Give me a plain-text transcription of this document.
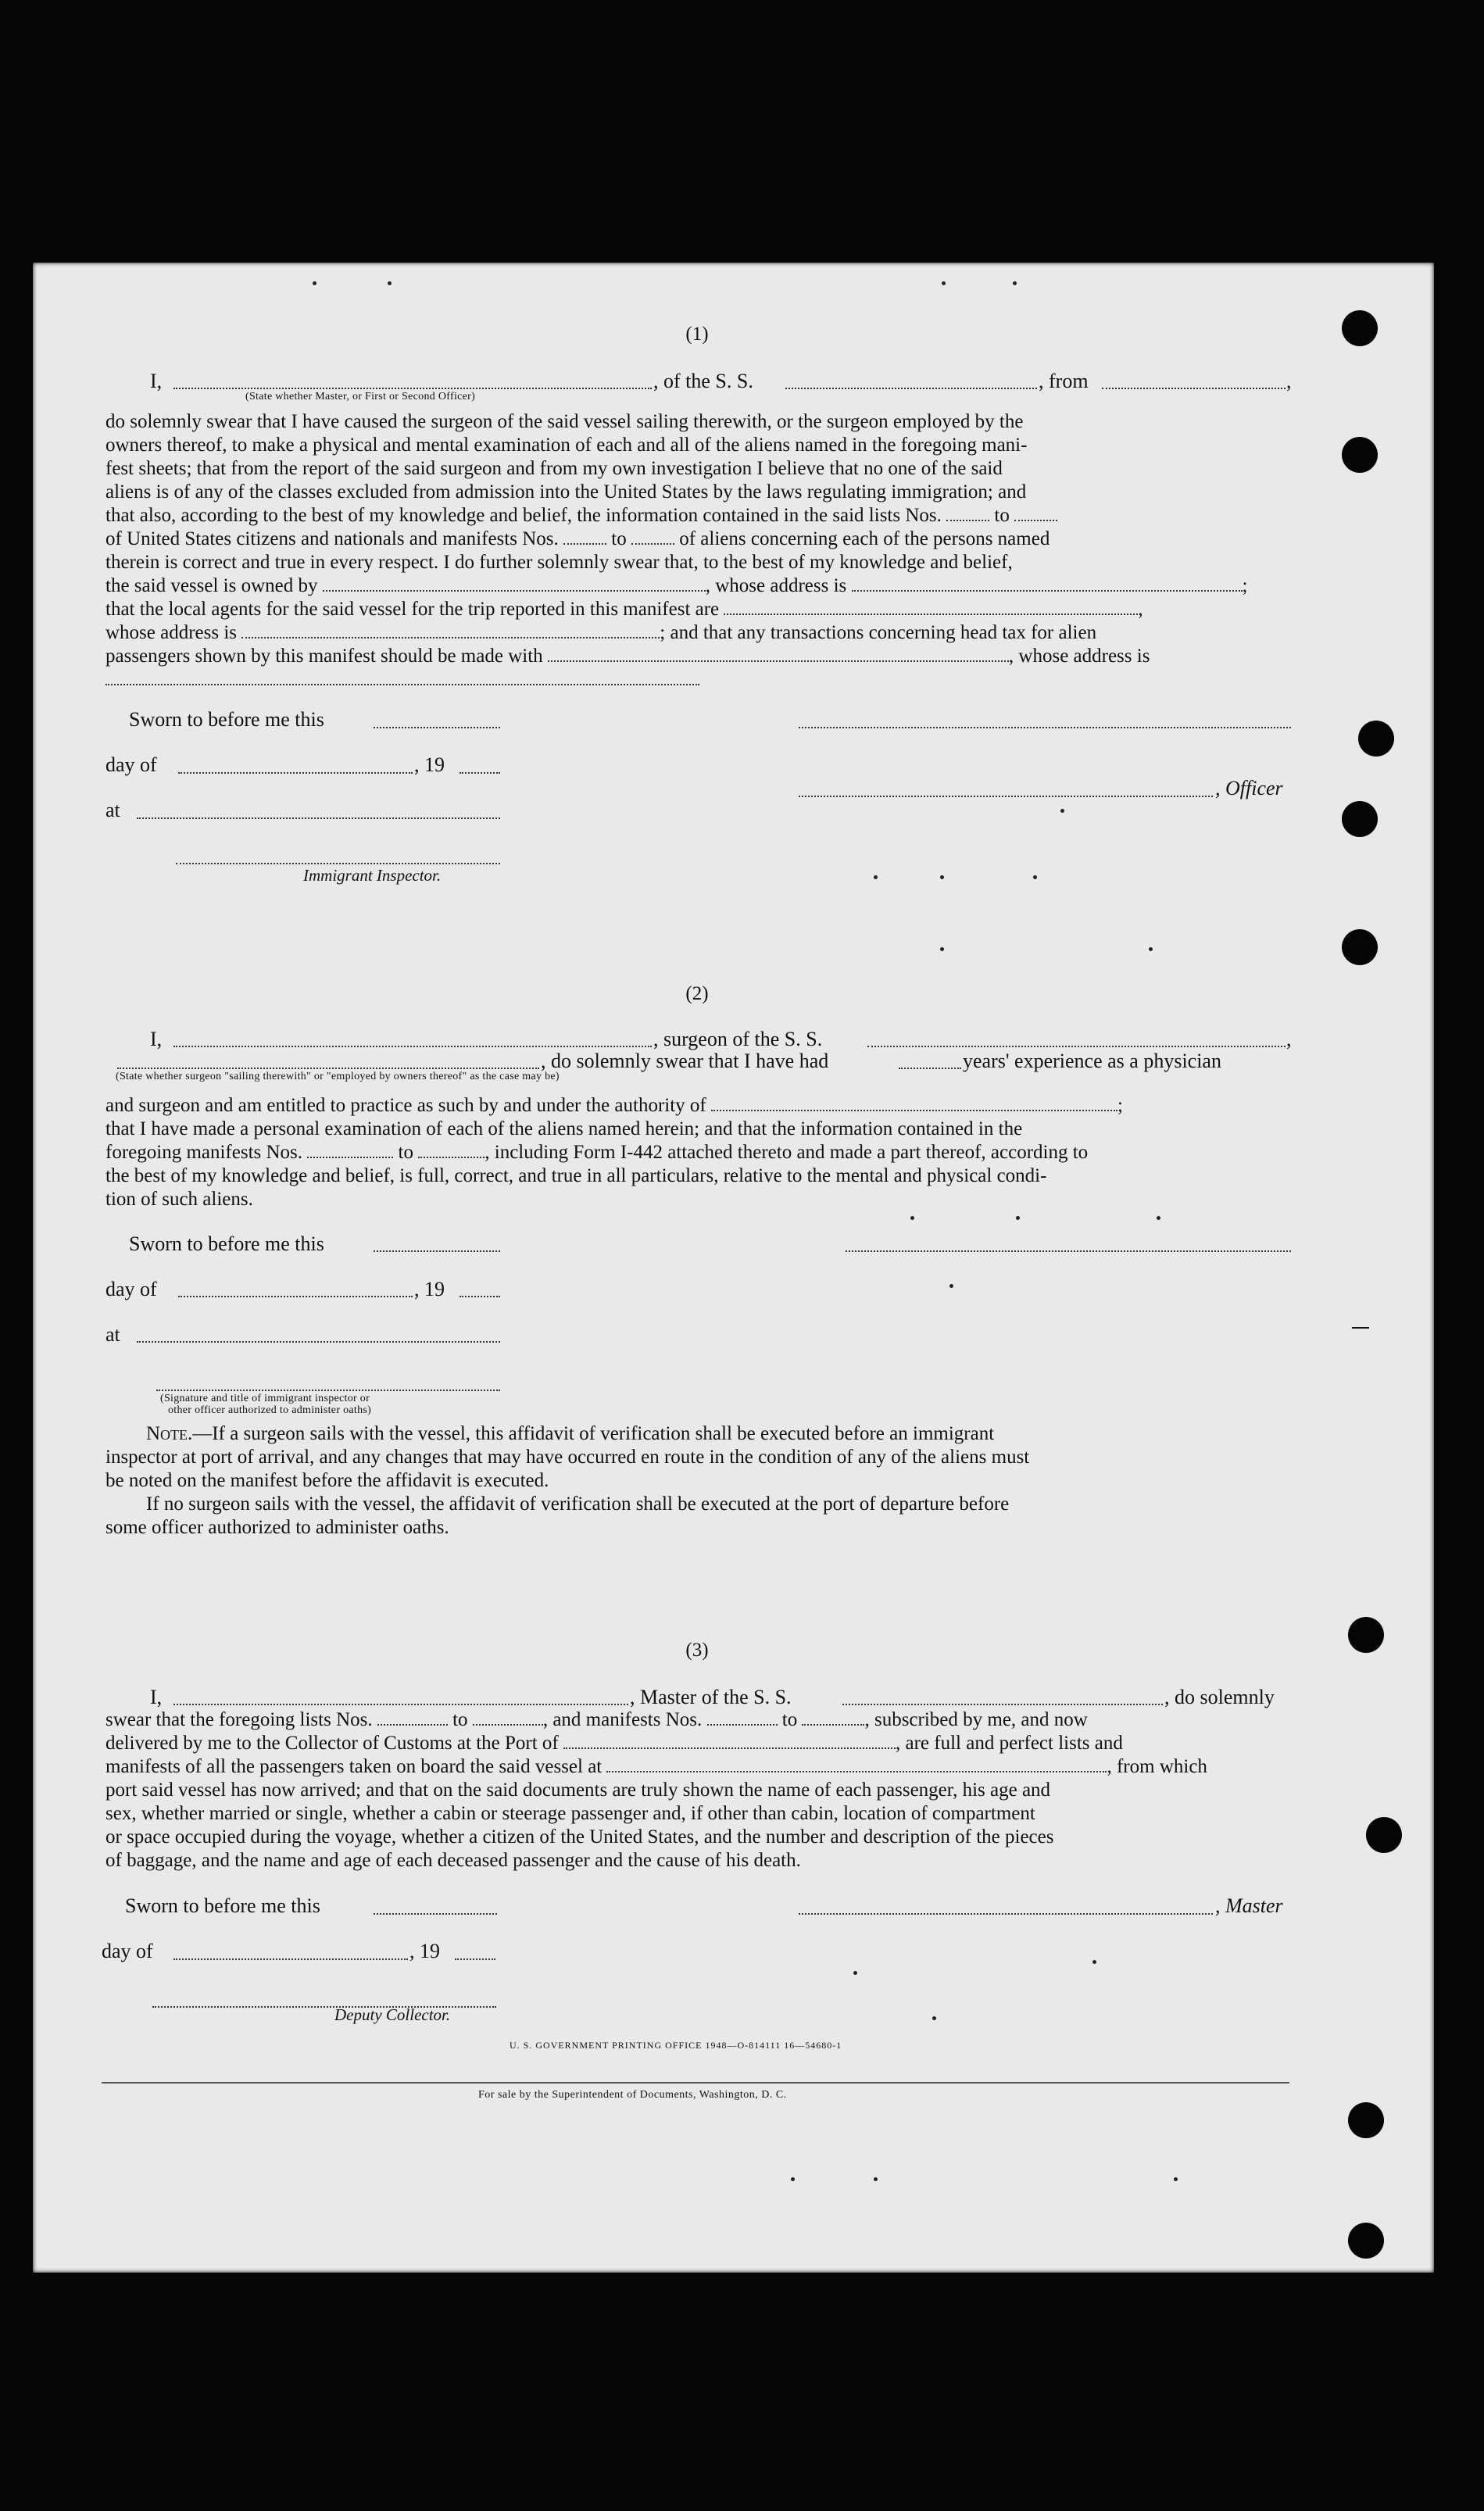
(1)
I,	, of the S. S.	, from	,
(State whether Master, or First or Second Officer)
do solemnly swear that I have caused the surgeon of the said vessel sailing therewith, or the surgeon employed by the
owners thereof, to make a physical and mental examination of each and all of the aliens named in the foregoing mani-
fest sheets; that from the report of the said surgeon and from my own investigation I believe that no one of the said
aliens is of any of the classes excluded from admission into the United States by the laws regulating immigration; and
that also, according to the best of my knowledge and belief, the information contained in the said lists Nos.	to
of United States citizens and nationals and manifests Nos.	to	of aliens concerning each of the persons named
therein is correct and true in every respect. I do further solemnly swear that, to the best of my knowledge and belief,
the said vessel is owned by	, whose address is	;
that the local agents for the said vessel for the trip reported in this manifest are	,
whose address is	; and that any transactions concerning head tax for alien
passengers shown by this manifest should be made with	, whose address is
Sworn to before me this
day of	, 19
, Officer
at
Immigrant Inspector.
(2)
I,	, surgeon of the S. S.	,
, do solemnly swear that I have had	years' experience as a physician
(State whether surgeon "sailing therewith" or "employed by owners thereof" as the case may be)
and surgeon and am entitled to practice as such by and under the authority of	;
that I have made a personal examination of each of the aliens named herein; and that the information contained in the
foregoing manifests Nos.	to	, including Form I-442 attached thereto and made a part thereof, according to
the best of my knowledge and belief, is full, correct, and true in all particulars, relative to the mental and physical condi-
tion of such aliens.
Sworn to before me this
day of	, 19
at
(Signature and title of immigrant inspector or
other officer authorized to administer oaths)
Note.—If a surgeon sails with the vessel, this affidavit of verification shall be executed before an immigrant
inspector at port of arrival, and any changes that may have occurred en route in the condition of any of the aliens must
be noted on the manifest before the affidavit is executed.
If no surgeon sails with the vessel, the affidavit of verification shall be executed at the port of departure before
some officer authorized to administer oaths.
(3)
I,	, Master of the S. S.	, do solemnly
swear that the foregoing lists Nos.	to	, and manifests Nos.	to	, subscribed by me, and now
delivered by me to the Collector of Customs at the Port of	, are full and perfect lists and
manifests of all the passengers taken on board the said vessel at	, from which
port said vessel has now arrived; and that on the said documents are truly shown the name of each passenger, his age and
sex, whether married or single, whether a cabin or steerage passenger and, if other than cabin, location of compartment
or space occupied during the voyage, whether a citizen of the United States, and the number and description of the pieces
of baggage, and the name and age of each deceased passenger and the cause of his death.
Sworn to before me this	, Master
day of	, 19
Deputy Collector.
U. S. GOVERNMENT PRINTING OFFICE 1948—O-814111 16—54680-1
For sale by the Superintendent of Documents, Washington, D. C.
